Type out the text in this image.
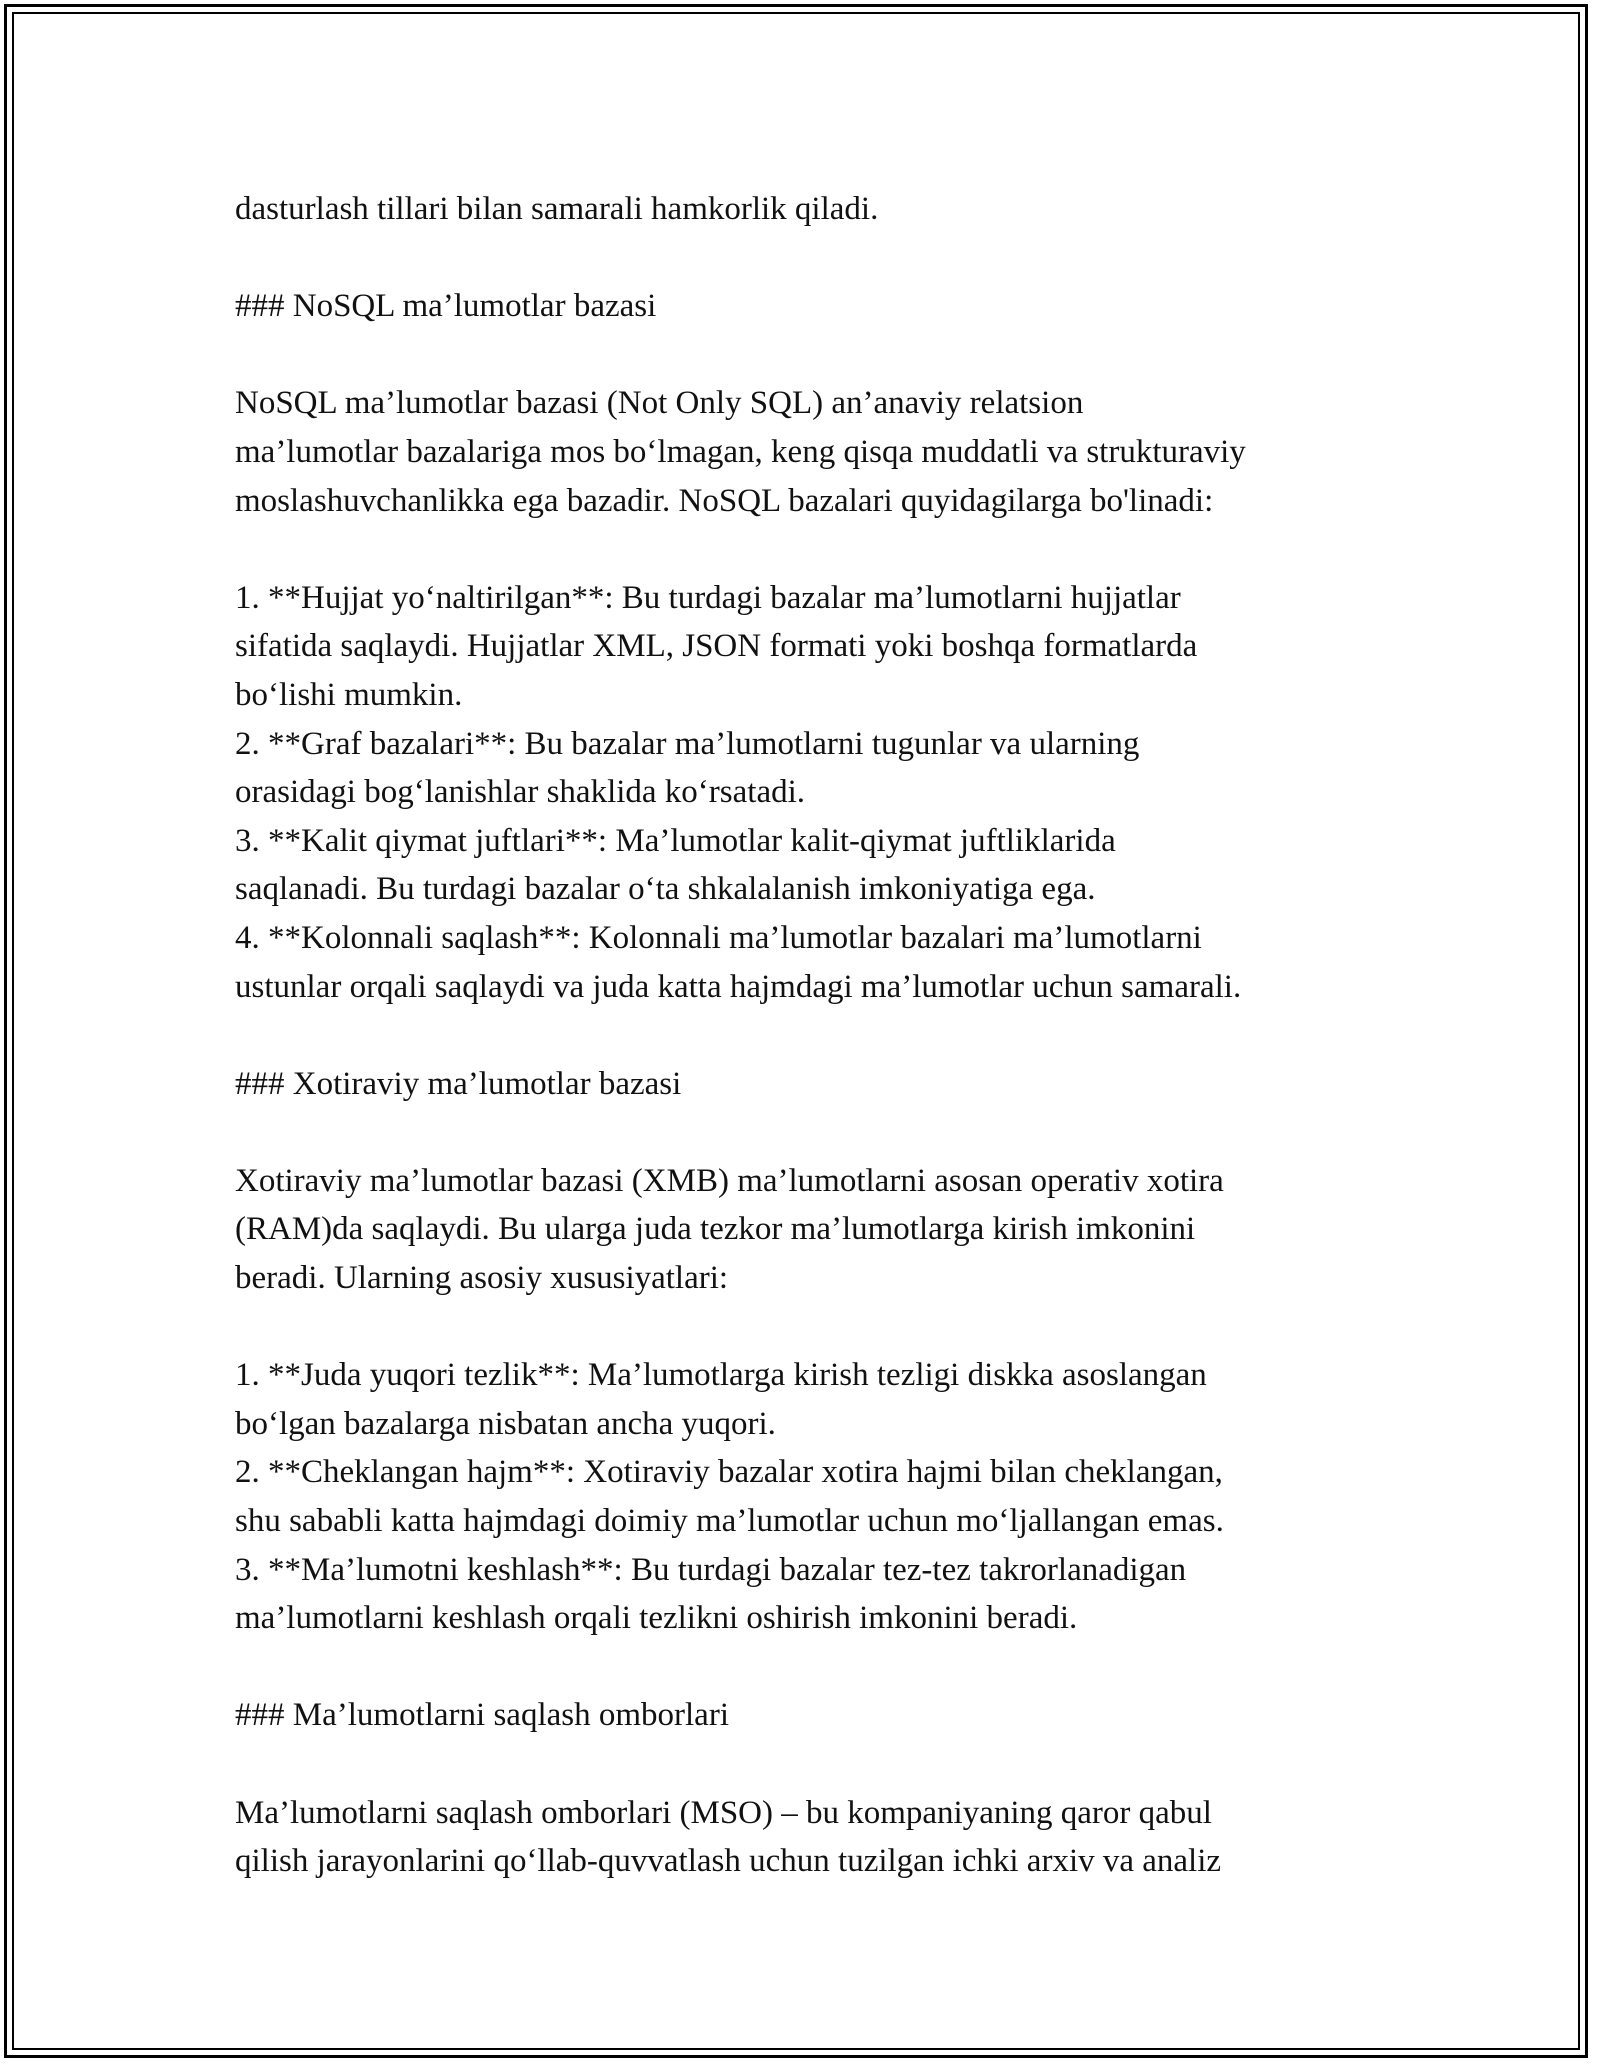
dasturlash tillari bilan samarali hamkorlik qiladi.
### NoSQL ma’lumotlar bazasi
NoSQL ma’lumotlar bazasi (Not Only SQL) an’anaviy relatsion
ma’lumotlar bazalariga mos bo‘lmagan, keng qisqa muddatli va strukturaviy
moslashuvchanlikka ega bazadir. NoSQL bazalari quyidagilarga bo'linadi:
1. **Hujjat yo‘naltirilgan**: Bu turdagi bazalar ma’lumotlarni hujjatlar
sifatida saqlaydi. Hujjatlar XML, JSON formati yoki boshqa formatlarda
bo‘lishi mumkin.
2. **Graf bazalari**: Bu bazalar ma’lumotlarni tugunlar va ularning
orasidagi bog‘lanishlar shaklida ko‘rsatadi.
3. **Kalit qiymat juftlari**: Ma’lumotlar kalit-qiymat juftliklarida
saqlanadi. Bu turdagi bazalar o‘ta shkalalanish imkoniyatiga ega.
4. **Kolonnali saqlash**: Kolonnali ma’lumotlar bazalari ma’lumotlarni
ustunlar orqali saqlaydi va juda katta hajmdagi ma’lumotlar uchun samarali.
### Xotiraviy ma’lumotlar bazasi
Xotiraviy ma’lumotlar bazasi (XMB) ma’lumotlarni asosan operativ xotira
(RAM)da saqlaydi. Bu ularga juda tezkor ma’lumotlarga kirish imkonini
beradi. Ularning asosiy xususiyatlari:
1. **Juda yuqori tezlik**: Ma’lumotlarga kirish tezligi diskka asoslangan
bo‘lgan bazalarga nisbatan ancha yuqori.
2. **Cheklangan hajm**: Xotiraviy bazalar xotira hajmi bilan cheklangan,
shu sababli katta hajmdagi doimiy ma’lumotlar uchun mo‘ljallangan emas.
3. **Ma’lumotni keshlash**: Bu turdagi bazalar tez-tez takrorlanadigan
ma’lumotlarni keshlash orqali tezlikni oshirish imkonini beradi.
### Ma’lumotlarni saqlash omborlari
Ma’lumotlarni saqlash omborlari (MSO) – bu kompaniyaning qaror qabul
qilish jarayonlarini qo‘llab-quvvatlash uchun tuzilgan ichki arxiv va analiz
